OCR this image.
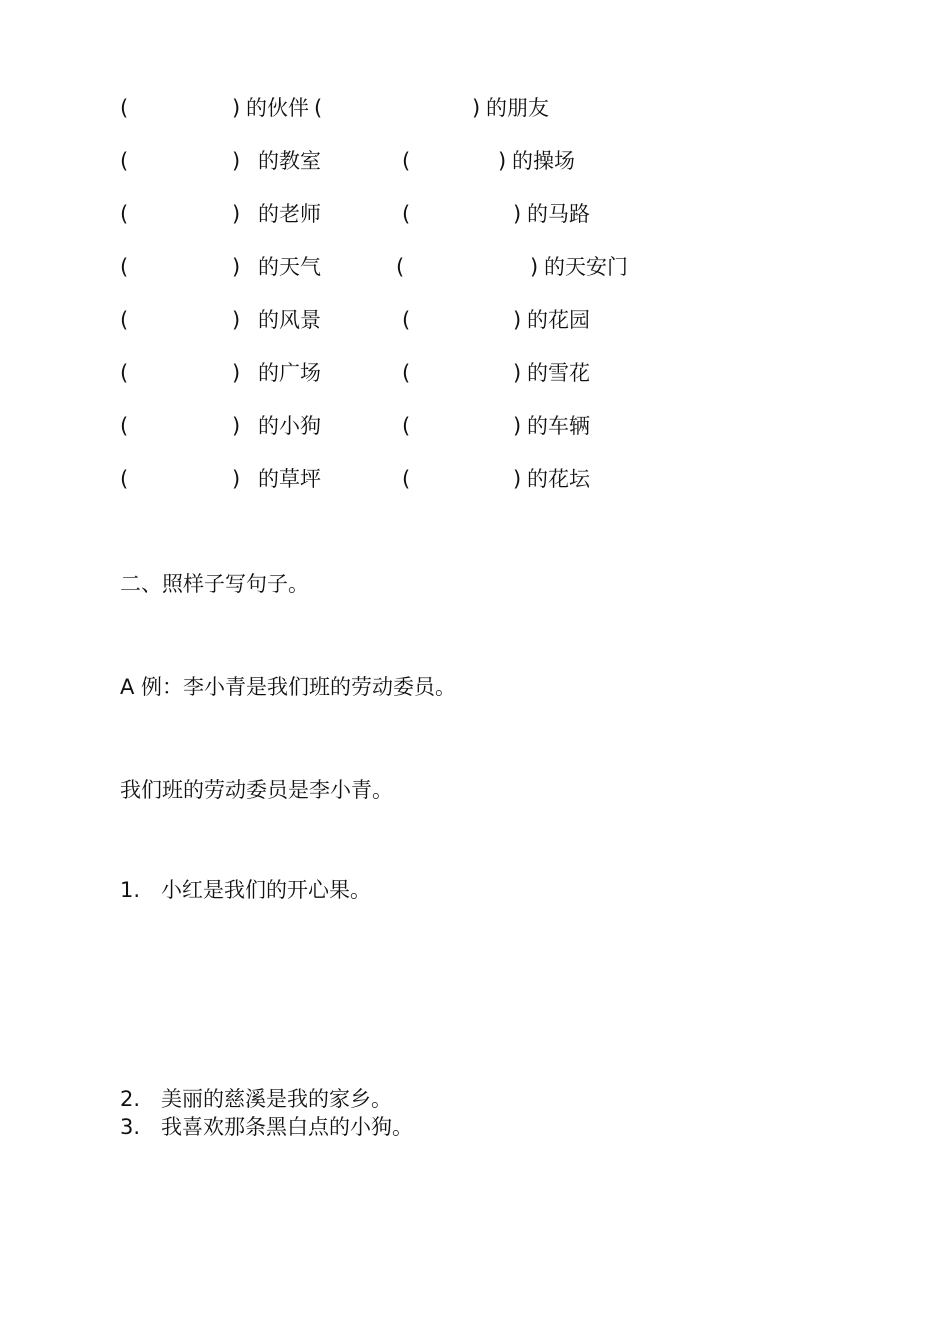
(	) 的伙伴 (	) 的朋友
(	) 的教室	(	) 的操场
(	) 的老师	(	) 的马路
(	) 的天气	(	) 的天安门
(	) 的风景	(	) 的花园
(	) 的广场	(	) 的雪花
(	) 的小狗	(	) 的车辆
(	) 的草坪	(	) 的花坛
二、照样子写句子。
A 例：李小青是我们班的劳动委员。
我们班的劳动委员是李小青。
1. 小红是我们的开心果。
2. 美丽的慈溪是我的家乡。
3. 我喜欢那条黑白点的小狗。
